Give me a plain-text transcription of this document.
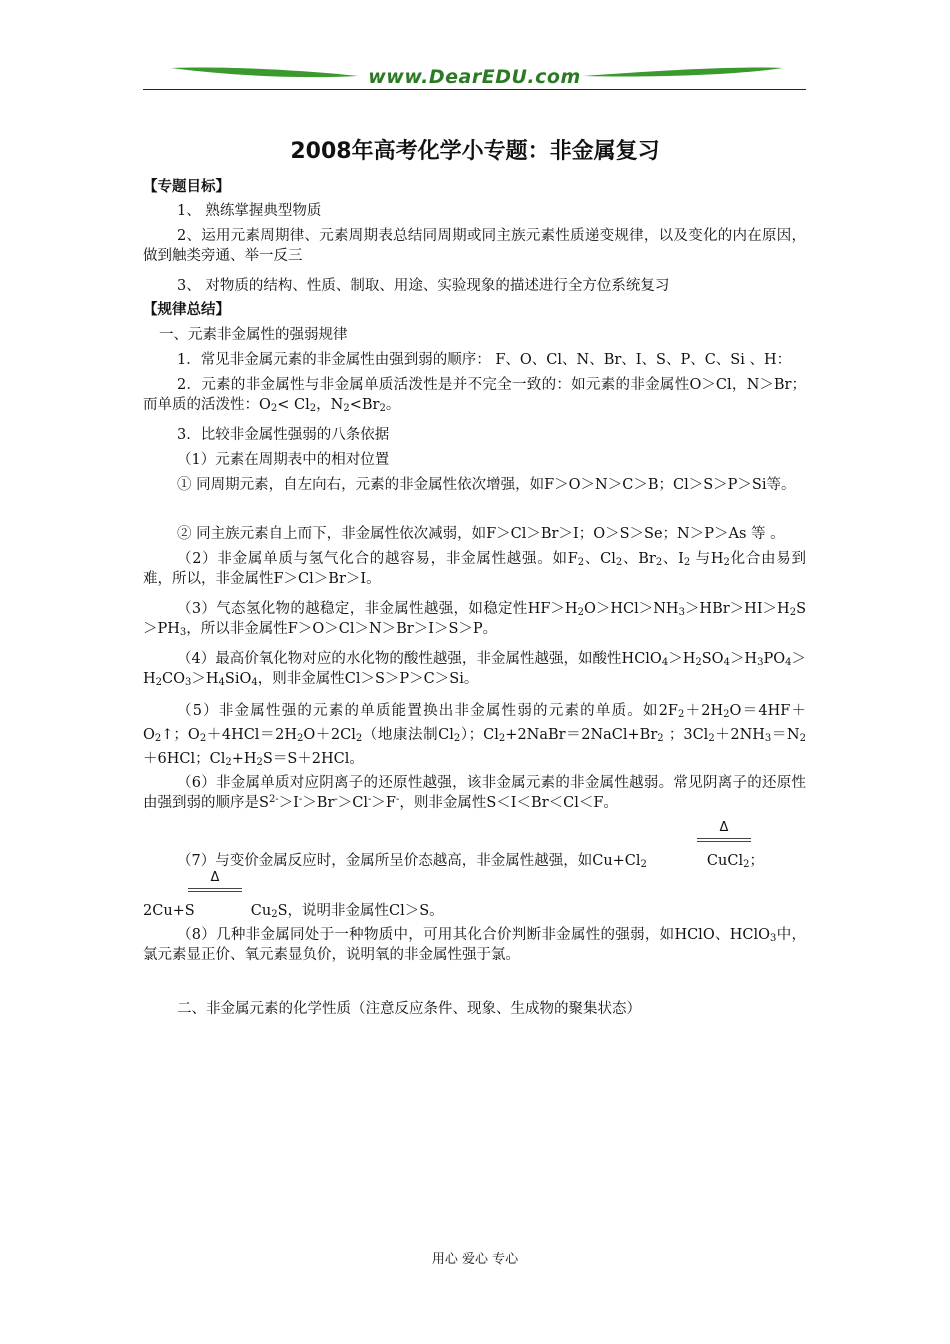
www.DearEDU.com
2008年高考化学小专题：非金属复习
【专题目标】
1、 熟练掌握典型物质
2、运用元素周期律、元素周期表总结同周期或同主族元素性质递变规律，以及变化的内在原因，做到触类旁通、举一反三
3、 对物质的结构、性质、制取、用途、实验现象的描述进行全方位系统复习
【规律总结】
一、元素非金属性的强弱规律
1．常见非金属元素的非金属性由强到弱的顺序： F、O、Cl、N、Br、I、S、P、C、Si 、H：
2．元素的非金属性与非金属单质活泼性是并不完全一致的：如元素的非金属性O＞Cl，N＞Br；而单质的活泼性：$O_2< Cl_2$，$N_2<Br_2$。
3．比较非金属性强弱的八条依据
（1）元素在周期表中的相对位置
① 同周期元素，自左向右，元素的非金属性依次增强，如F＞O＞N＞C＞B；Cl＞S＞P＞Si等。
② 同主族元素自上而下，非金属性依次减弱，如F＞Cl＞Br＞I；O＞S＞Se；N＞P＞As 等 。
（2）非金属单质与氢气化合的越容易，非金属性越强。如$F_2$、$Cl_2$、$Br_2$、$I_2$ 与$H_2$化合由易到难，所以，非金属性F＞Cl＞Br＞I。
（3）气态氢化物的越稳定，非金属性越强，如稳定性$HF>H_2O>HCl>NH_3>HBr>HI>H_2S>PH_3$，所以非金属性F＞O＞Cl＞N＞Br＞I＞S＞P。
（4）最高价氧化物对应的水化物的酸性越强，非金属性越强，如酸性$HClO_4>H_2SO_4>H_3PO_4>H_2CO_3>H_4SiO_4$，则非金属性Cl＞S＞P＞C＞Si。
（5）非金属性强的元素的单质能置换出非金属性弱的元素的单质。如$2F_2+2H_2O=4HF+O_2↑$；$O_2+4HCl=2H_2O+2Cl_2$（地康法制$Cl_2$）；$Cl_2+2NaBr=2NaCl+Br_2$ ；$3Cl_2+2NH_3=N_2+6HCl$；$Cl_2+H_2S=S+2HCl$。
（6）非金属单质对应阴离子的还原性越强，该非金属元素的非金属性越弱。常见阴离子的还原性由强到弱的顺序是$S^{2-}>I^->Br^->Cl^->F^-$，则非金属性S＜I＜Br＜Cl＜F。
Δ
（7）与变价金属反应时，金属所呈价态越高，非金属性越强，如$Cu+Cl_2$	CuCl$_2$；
Δ
2Cu+S	$Cu_2S$，说明非金属性Cl＞S。
（8）几种非金属同处于一种物质中，可用其化合价判断非金属性的强弱，如HClO、HClO$_3$中，氯元素显正价、氧元素显负价，说明氧的非金属性强于氯。
二、非金属元素的化学性质（注意反应条件、现象、生成物的聚集状态）
用心 爱心 专心
